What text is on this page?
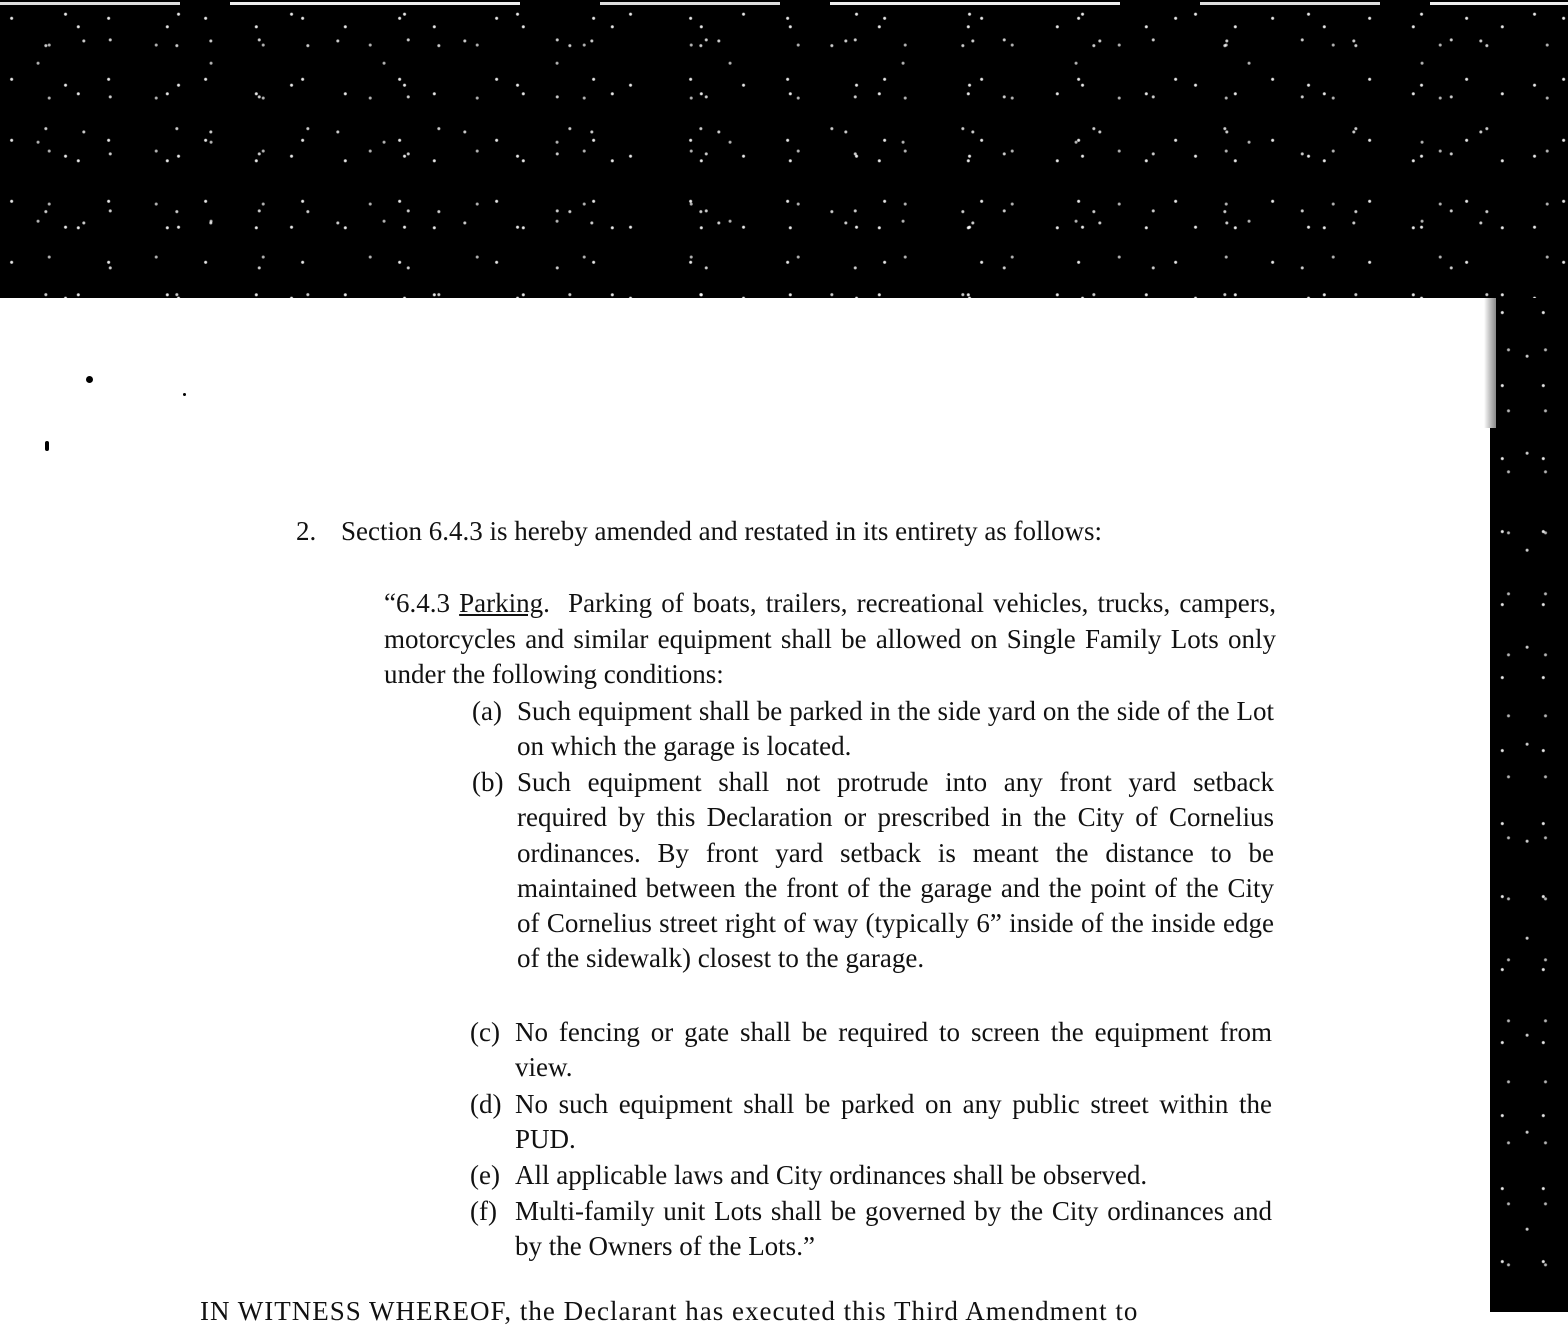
2. Section 6.4.3 is hereby amended and restated in its entirety as follows:
“6.4.3 Parking. Parking of boats, trailers, recreational vehicles, trucks, campers, motorcycles and similar equipment shall be allowed on Single Family Lots only under the following conditions:
(a) Such equipment shall be parked in the side yard on the side of the Lot on which the garage is located.
(b) Such equipment shall not protrude into any front yard setback required by this Declaration or prescribed in the City of Cornelius ordinances. By front yard setback is meant the distance to be maintained between the front of the garage and the point of the City of Cornelius street right of way (typically 6” inside of the inside edge of the sidewalk) closest to the garage.
(c) No fencing or gate shall be required to screen the equipment from view.
(d) No such equipment shall be parked on any public street within the PUD.
(e) All applicable laws and City ordinances shall be observed.
(f) Multi-family unit Lots shall be governed by the City ordinances and by the Owners of the Lots.”
IN WITNESS WHEREOF, the Declarant has executed this Third Amendment to
